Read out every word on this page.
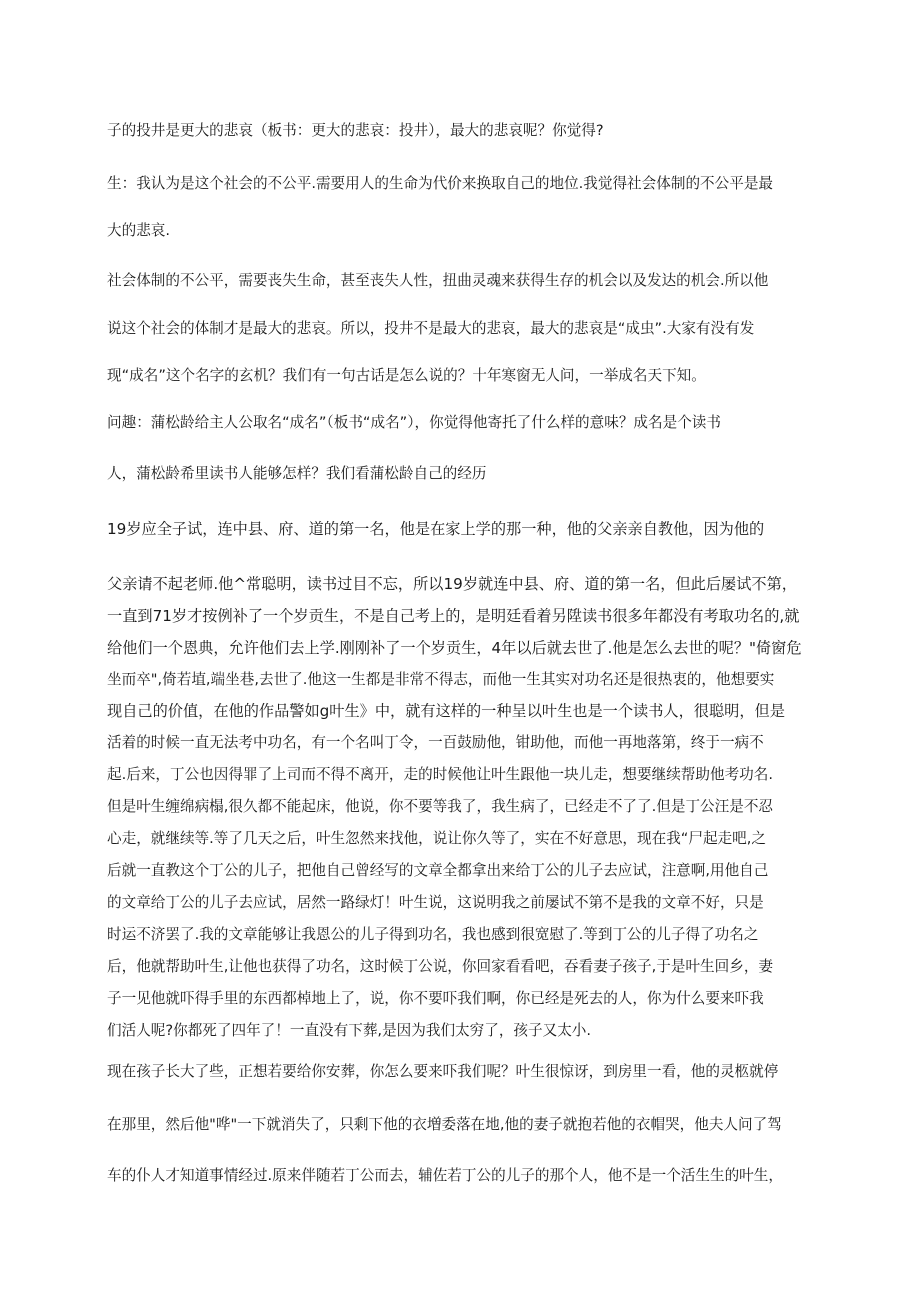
子的投井是更大的悲哀（板书：更大的悲哀：投井），最大的悲哀呢？你觉得?
生：我认为是这个社会的不公平.需要用人的生命为代价来换取自己的地位.我觉得社会体制的不公平是最
大的悲哀.
社会体制的不公平，需要丧失生命，甚至丧失人性，扭曲灵魂来获得生存的机会以及发达的机会.所以他
说这个社会的体制才是最大的悲哀。所以，投井不是最大的悲哀，最大的悲哀是“成虫”.大家有没有发
现“成名”这个名字的玄机？我们有一句古话是怎么说的？十年寒窗无人问，一举成名天下知。
问趣：蒲松龄给主人公取名“成名”（板书“成名”），你觉得他寄托了什么样的意味？成名是个读书
人，蒲松龄希里读书人能够怎样？我们看蒲松龄自己的经历
19岁应全子试，连中县、府、道的第一名，他是在家上学的那一种，他的父亲亲自教他，因为他的
父亲请不起老师.他^常聪明，读书过目不忘，所以19岁就连中县、府、道的第一名，但此后屡试不第，
一直到71岁才按例补了一个岁贡生，不是自己考上的，是明廷看着另陞读书很多年都没有考取功名的,就
给他们一个恩典，允许他们去上学.刚刚补了一个岁贡生，4年以后就去世了.他是怎么去世的呢？"倚窗危
坐而卒",倚若埴,端坐巷,去世了.他这一生都是非常不得志，而他一生其实对功名还是很热衷的，他想要实
现自己的价值，在他的作品警如g叶生》中，就有这样的一种呈以叶生也是一个读书人，很聪明，但是
活着的时候一直无法考中功名，有一个名叫丁令，一百鼓励他，钳助他，而他一再地落第，终于一病不
起.后来，丁公也因得罪了上司而不得不离开，走的时候他让叶生跟他一块儿走，想要继续帮助他考功名.
但是叶生缠绵病榻,很久都不能起床，他说，你不要等我了，我生病了，已经走不了了.但是丁公汪是不忍
心走，就继续等.等了几天之后，叶生忽然来找他，说让你久等了，实在不好意思，现在我“尸起走吧,之
后就一直教这个丁公的儿子，把他自己曾经写的文章全都拿出来给丁公的儿子去应试，注意啊,用他自己
的文章给丁公的儿子去应试，居然一路绿灯！叶生说，这说明我之前屡试不第不是我的文章不好，只是
时运不济罢了.我的文章能够让我恩公的儿子得到功名，我也感到很宽慰了.等到丁公的儿子得了功名之
后，他就帮助叶生,让他也获得了功名，这时候丁公说，你回家看看吧，吞看妻子孩子,于是叶生回乡，妻
子一见他就吓得手里的东西都棹地上了，说，你不要吓我们啊，你已经是死去的人，你为什么要来吓我
们活人呢?你都死了四年了！一直没有下葬,是因为我们太穷了，孩子又太小.
现在孩子长大了些，正想若要给你安葬，你怎么要来吓我们呢？叶生很惊讶，到房里一看，他的灵柩就停
在那里，然后他"哗"一下就消失了，只剩下他的衣増委落在地,他的妻子就抱若他的衣帽哭，他夫人问了驾
车的仆人才知道事情经过.原来伴随若丁公而去，辅佐若丁公的儿子的那个人，他不是一个活生生的叶生，
